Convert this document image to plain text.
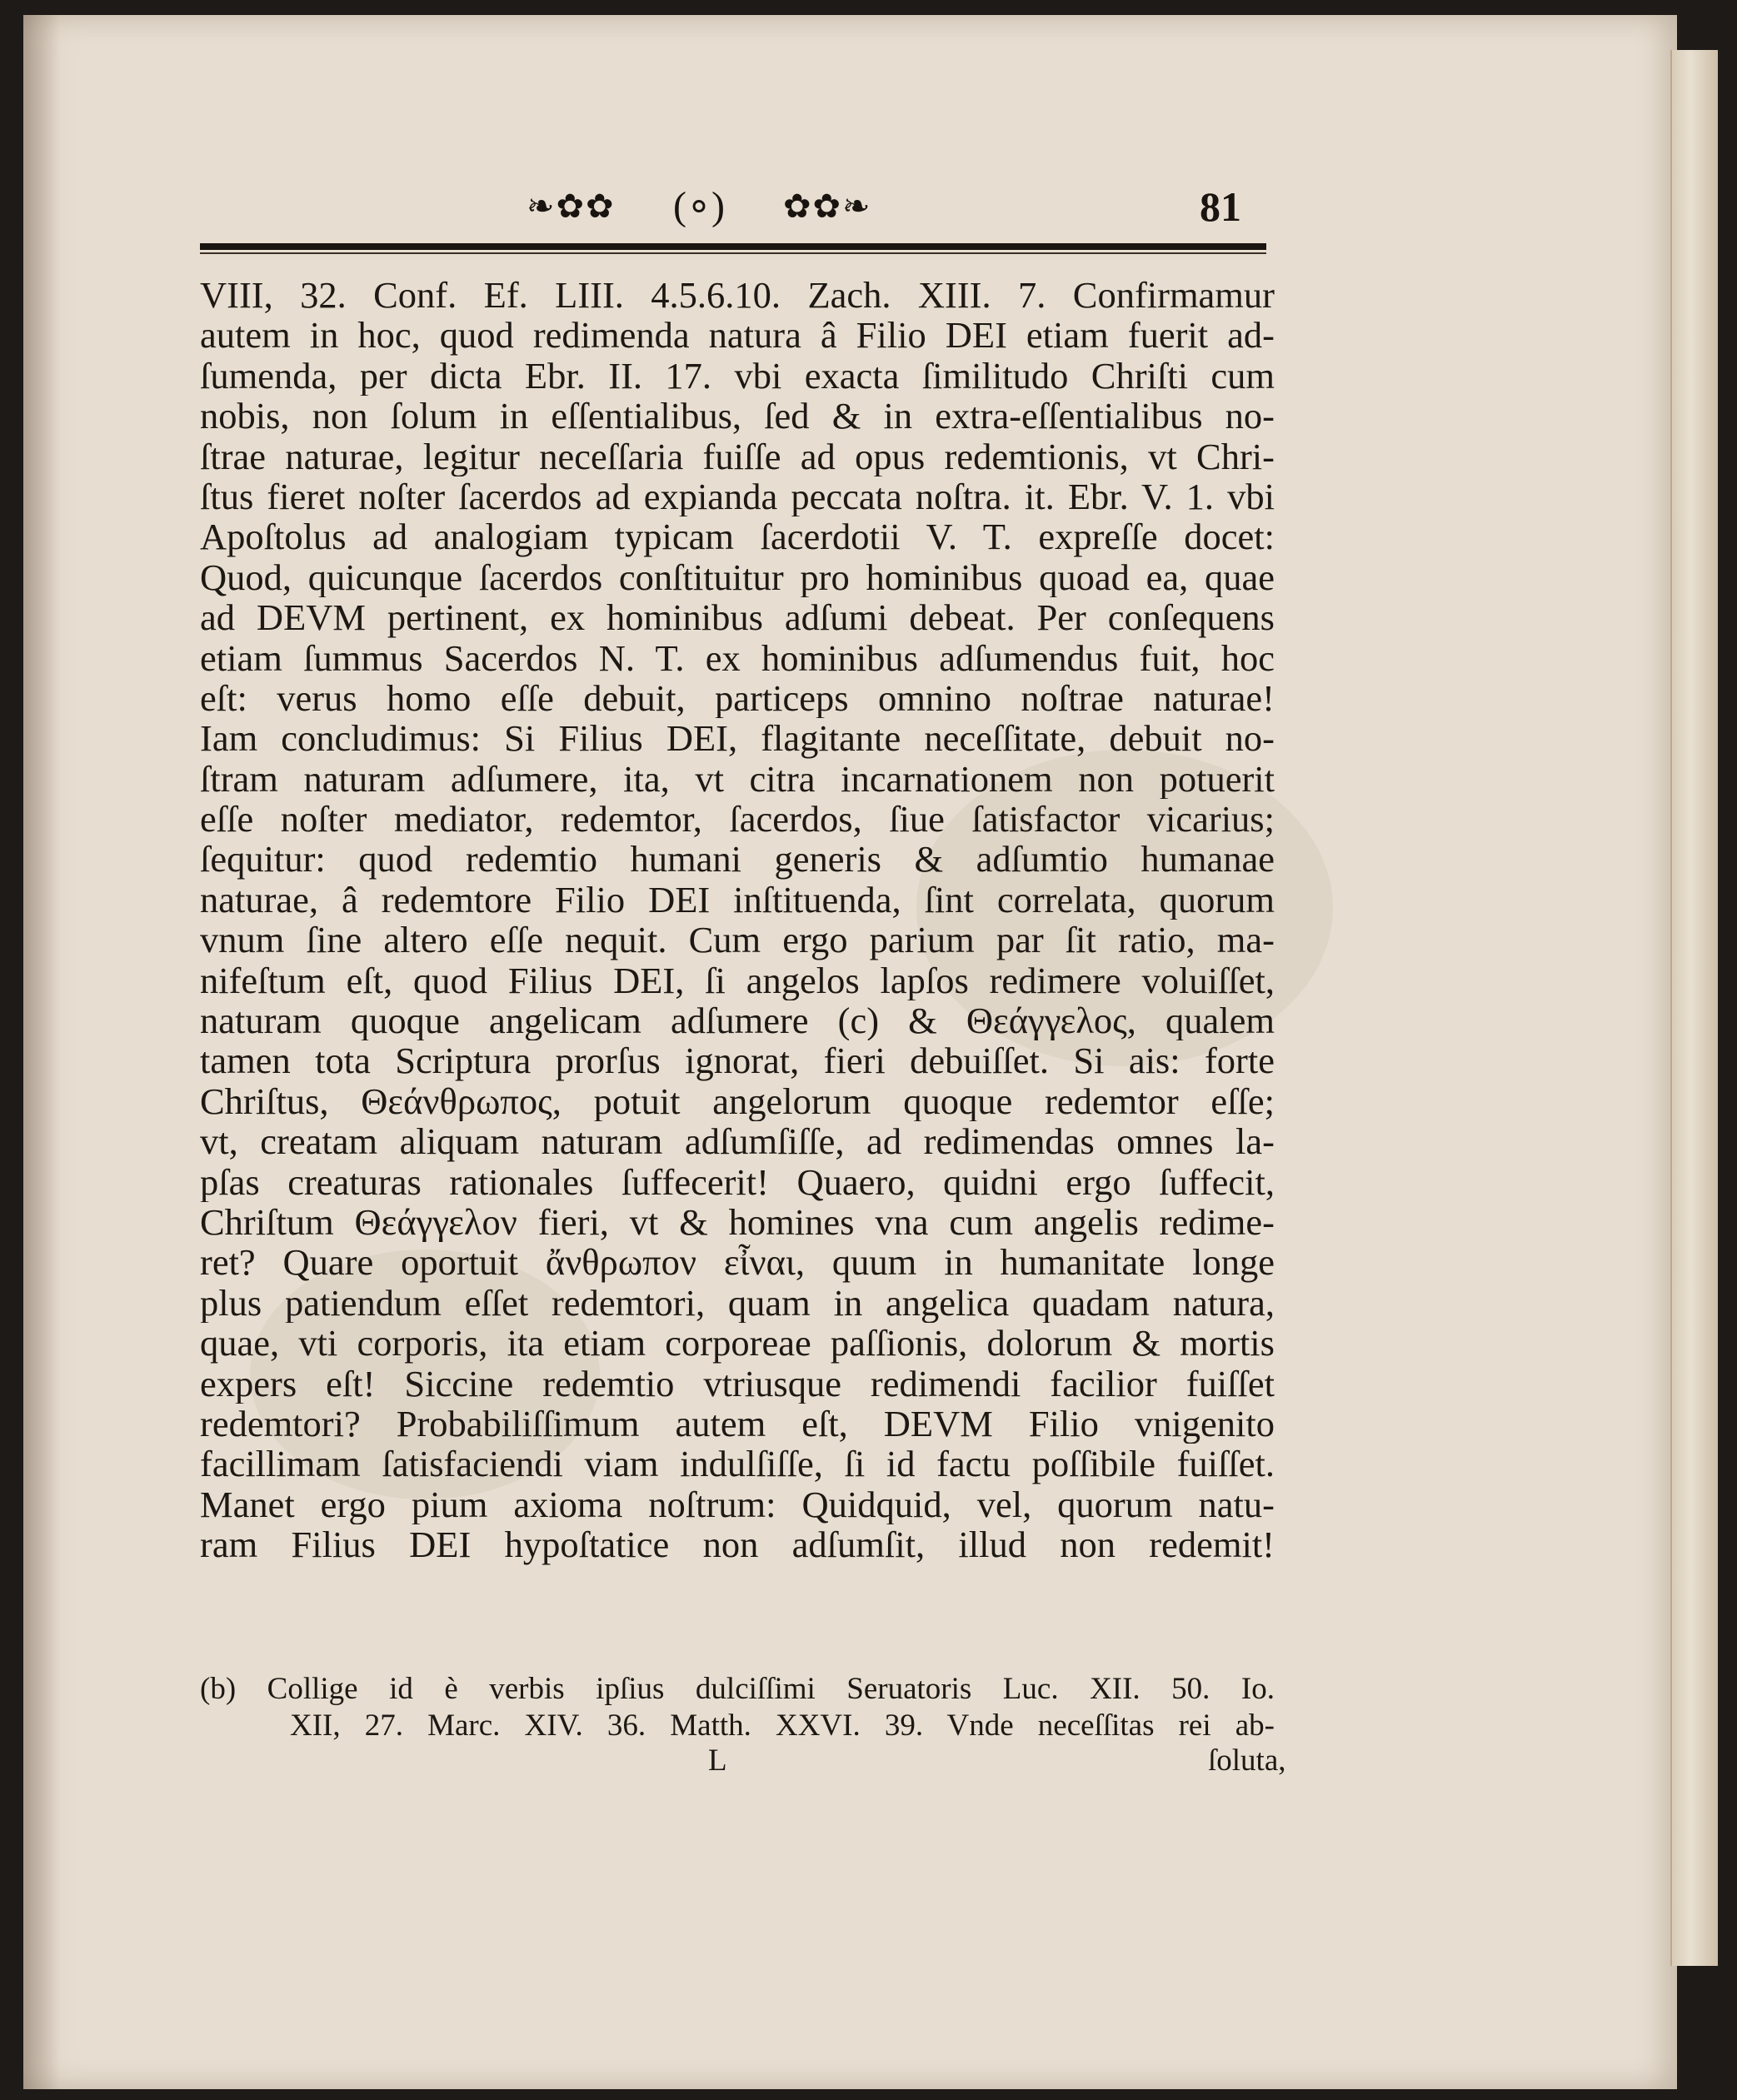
❧✿✿ (∘) ✿✿❧	81
VIII, 32. Conf. Ef. LIII. 4.5.6.10. Zach. XIII. 7. Confirmamur
autem in hoc, quod redimenda natura â Filio DEI etiam fuerit ad-
ſumenda, per dicta Ebr. II. 17. vbi exacta ſimilitudo Chriſti cum
nobis, non ſolum in eſſentialibus, ſed & in extra-eſſentialibus no-
ſtrae naturae, legitur neceſſaria fuiſſe ad opus redemtionis, vt Chri-
ſtus fieret noſter ſacerdos ad expianda peccata noſtra. it. Ebr. V. 1. vbi
Apoſtolus ad analogiam typicam ſacerdotii V. T. expreſſe docet:
Quod, quicunque ſacerdos conſtituitur pro hominibus quoad ea, quae
ad DEVM pertinent, ex hominibus adſumi debeat. Per conſequens
etiam ſummus Sacerdos N. T. ex hominibus adſumendus fuit, hoc
eſt: verus homo eſſe debuit, particeps omnino noſtrae naturae!
Iam concludimus: Si Filius DEI, flagitante neceſſitate, debuit no-
ſtram naturam adſumere, ita, vt citra incarnationem non potuerit
eſſe noſter mediator, redemtor, ſacerdos, ſiue ſatisfactor vicarius;
ſequitur: quod redemtio humani generis & adſumtio humanae
naturae, â redemtore Filio DEI inſtituenda, ſint correlata, quorum
vnum ſine altero eſſe nequit. Cum ergo parium par ſit ratio, ma-
nifeſtum eſt, quod Filius DEI, ſi angelos lapſos redimere voluiſſet,
naturam quoque angelicam adſumere (c) & Θεάγγελος, qualem
tamen tota Scriptura prorſus ignorat, fieri debuiſſet. Si ais: forte
Chriſtus, Θεάνθρωπος, potuit angelorum quoque redemtor eſſe;
vt, creatam aliquam naturam adſumſiſſe, ad redimendas omnes la-
pſas creaturas rationales ſuffecerit! Quaero, quidni ergo ſuffecit,
Chriſtum Θεάγγελον fieri, vt & homines vna cum angelis redime-
ret? Quare oportuit ἄνθρωπον εἶναι, quum in humanitate longe
plus patiendum eſſet redemtori, quam in angelica quadam natura,
quae, vti corporis, ita etiam corporeae paſſionis, dolorum & mortis
expers eſt! Siccine redemtio vtriusque redimendi facilior fuiſſet
redemtori? Probabiliſſimum autem eſt, DEVM Filio vnigenito
facillimam ſatisfaciendi viam indulſiſſe, ſi id factu poſſibile fuiſſet.
Manet ergo pium axioma noſtrum: Quidquid, vel, quorum natu-
ram Filius DEI hypoſtatice non adſumſit, illud non redemit!
(b) Collige id è verbis ipſius dulciſſimi Seruatoris Luc. XII. 50. Io.
XII, 27. Marc. XIV. 36. Matth. XXVI. 39. Vnde neceſſitas rei ab-
L	ſoluta,
